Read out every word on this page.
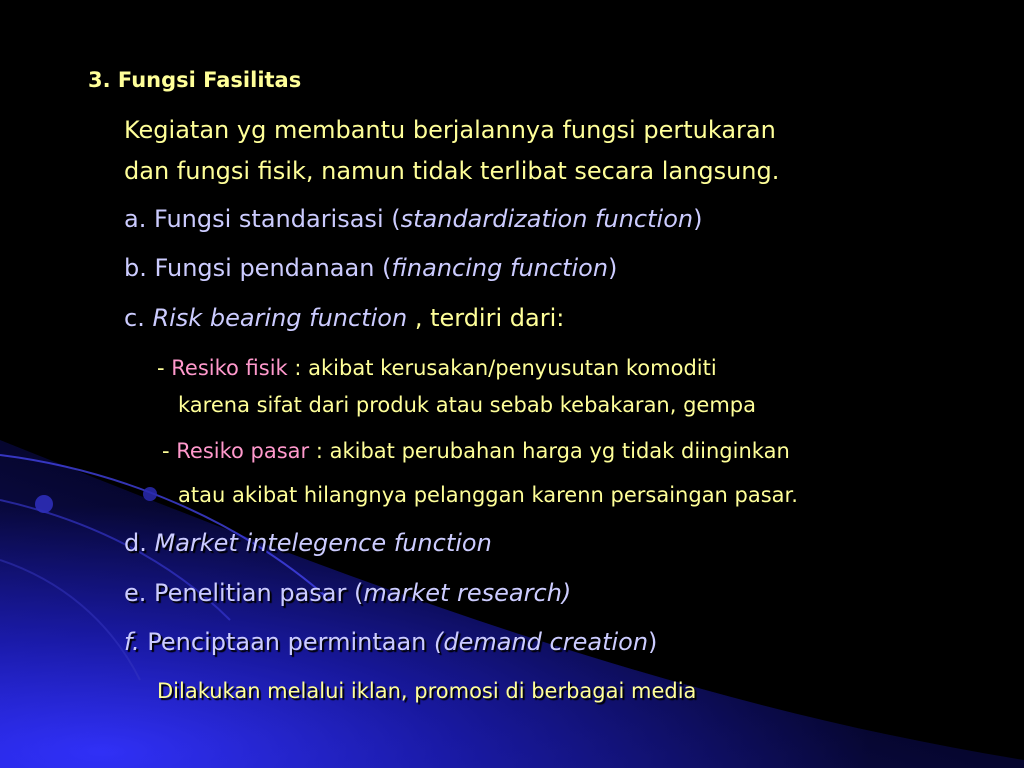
3. Fungsi Fasilitas
Kegiatan yg membantu berjalannya fungsi pertukaran
dan fungsi fisik, namun tidak terlibat secara langsung.
a. Fungsi standarisasi (standardization function)
b. Fungsi pendanaan (financing function)
c. Risk bearing function , terdiri dari:
- Resiko fisik : akibat kerusakan/penyusutan komoditi
karena sifat dari produk atau sebab kebakaran, gempa
- Resiko pasar : akibat perubahan harga yg tidak diinginkan
atau akibat hilangnya pelanggan karenn persaingan pasar.
d. Market intelegence function
e. Penelitian pasar (market research)
f. Penciptaan permintaan (demand creation)
Dilakukan melalui iklan, promosi di berbagai media
